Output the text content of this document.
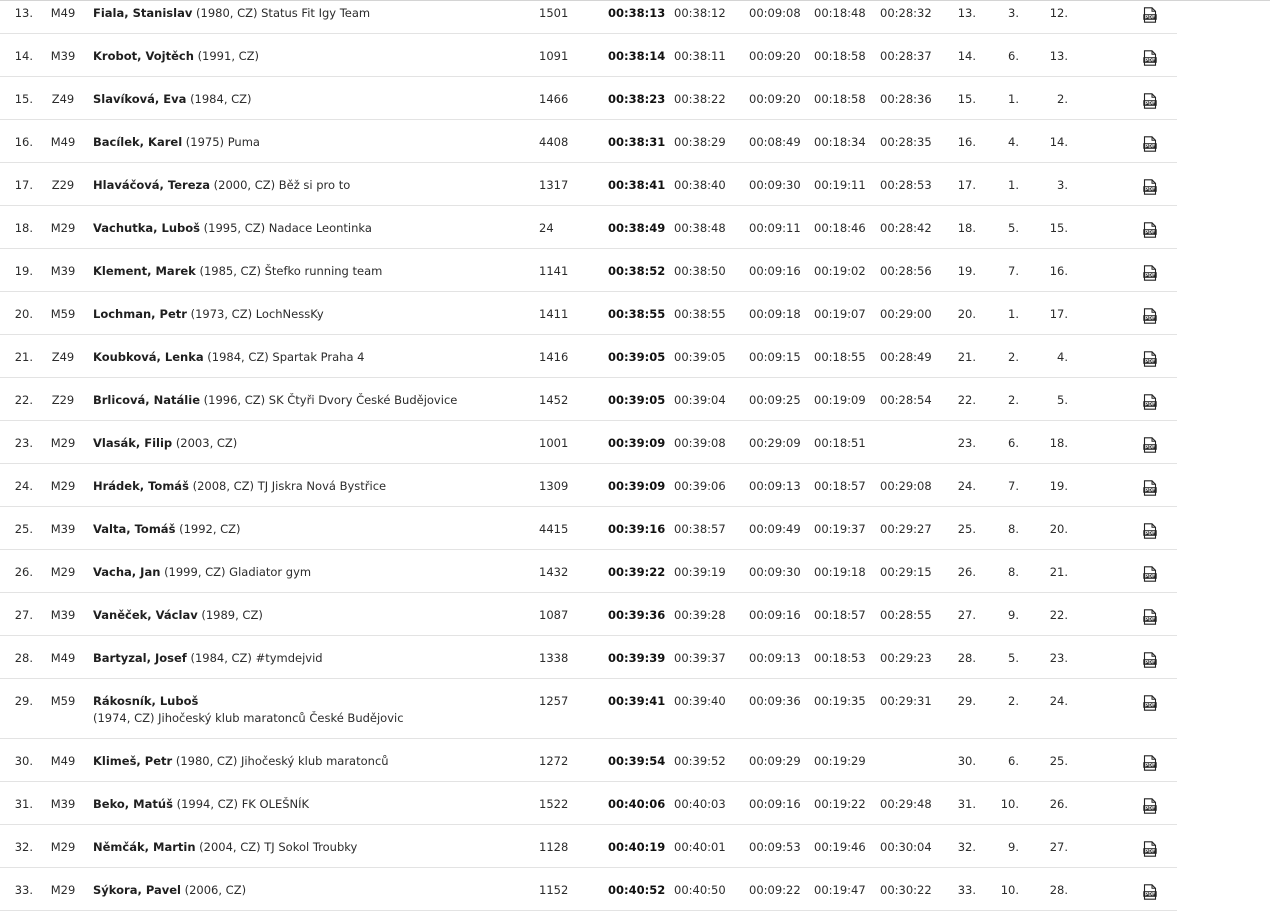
13.	M49	Fiala, Stanislav (1980, CZ) Status Fit Igy Team	1501	00:38:13 00:38:12 00:09:08 00:18:48 00:28:32	13.	3.	12.	PDF
14.	M39	Krobot, Vojtěch (1991, CZ)	1091	00:38:14 00:38:11 00:09:20 00:18:58 00:28:37	14.	6.	13.	PDF
15.	Z49	Slavíková, Eva (1984, CZ)	1466	00:38:23 00:38:22 00:09:20 00:18:58 00:28:36	15.	1.	2.	PDF
16.	M49	Bacílek, Karel (1975) Puma	4408	00:38:31 00:38:29 00:08:49 00:18:34 00:28:35	16.	4.	14.	PDF
17.	Z29	Hlaváčová, Tereza (2000, CZ) Běž si pro to	1317	00:38:41 00:38:40 00:09:30 00:19:11 00:28:53	17.	1.	3.	PDF
18.	M29	Vachutka, Luboš (1995, CZ) Nadace Leontinka	24	00:38:49 00:38:48 00:09:11 00:18:46 00:28:42	18.	5.	15.	PDF
19.	M39	Klement, Marek (1985, CZ) Štefko running team	1141	00:38:52 00:38:50 00:09:16 00:19:02 00:28:56	19.	7.	16.	PDF
20.	M59	Lochman, Petr (1973, CZ) LochNessKy	1411	00:38:55 00:38:55 00:09:18 00:19:07 00:29:00	20.	1.	17.	PDF
21.	Z49	Koubková, Lenka (1984, CZ) Spartak Praha 4	1416	00:39:05 00:39:05 00:09:15 00:18:55 00:28:49	21.	2.	4.	PDF
22.	Z29	Brlicová, Natálie (1996, CZ) SK Čtyři Dvory České Budějovice	1452	00:39:05 00:39:04 00:09:25 00:19:09 00:28:54	22.	2.	5.	PDF
23.	M29	Vlasák, Filip (2003, CZ)	1001	00:39:09 00:39:08 00:29:09 00:18:51	23.	6.	18.	PDF
24.	M29	Hrádek, Tomáš (2008, CZ) TJ Jiskra Nová Bystřice	1309	00:39:09 00:39:06 00:09:13 00:18:57 00:29:08	24.	7.	19.	PDF
25.	M39	Valta, Tomáš (1992, CZ)	4415	00:39:16 00:38:57 00:09:49 00:19:37 00:29:27	25.	8.	20.	PDF
26.	M29	Vacha, Jan (1999, CZ) Gladiator gym	1432	00:39:22 00:39:19 00:09:30 00:19:18 00:29:15	26.	8.	21.	PDF
27.	M39	Vaněček, Václav (1989, CZ)	1087	00:39:36 00:39:28 00:09:16 00:18:57 00:28:55	27.	9.	22.	PDF
28.	M49	Bartyzal, Josef (1984, CZ) #tymdejvid	1338	00:39:39 00:39:37 00:09:13 00:18:53 00:29:23	28.	5.	23.	PDF
29.	M59	Rákosník, Luboš (1974, CZ) Jihočeský klub maratonců České Budějovic
1257	00:39:41 00:39:40 00:09:36 00:19:35 00:29:31	29.	2.	24.	PDF
30.	M49	Klimeš, Petr (1980, CZ) Jihočeský klub maratonců	1272	00:39:54 00:39:52 00:09:29 00:19:29	30.	6.	25.	PDF
31.	M39	Beko, Matúš (1994, CZ) FK OLEŠNÍK	1522	00:40:06 00:40:03 00:09:16 00:19:22 00:29:48	31.	10.	26.	PDF
32.	M29	Němčák, Martin (2004, CZ) TJ Sokol Troubky	1128	00:40:19 00:40:01 00:09:53 00:19:46 00:30:04	32.	9.	27.	PDF
33.	M29	Sýkora, Pavel (2006, CZ)	1152	00:40:52 00:40:50 00:09:22 00:19:47 00:30:22	33.	10.	28.	PDF
